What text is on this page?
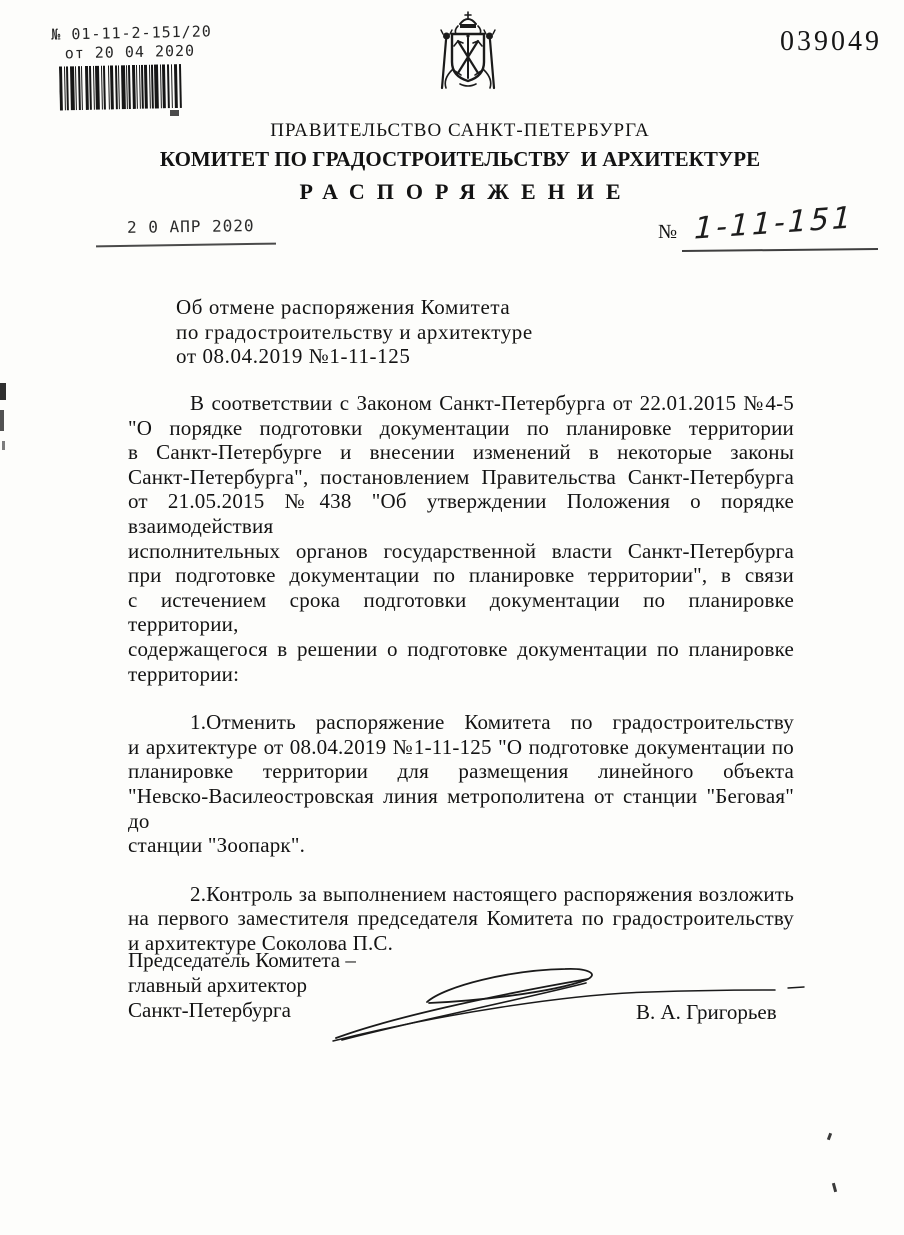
№ 01-11-2-151/20
от 20 04 2020	039049
ПРАВИТЕЛЬСТВО САНКТ-ПЕТЕРБУРГА
КОМИТЕТ ПО ГРАДОСТРОИТЕЛЬСТВУ  И АРХИТЕКТУРЕ
РАСПОРЯЖЕНИЕ
2 0 АПР 2020	№ 1-11-151
Об отмене распоряжения Комитета
по градостроительству и архитектуре
от 08.04.2019 №1-11-125
В соответствии с Законом Санкт-Петербурга от 22.01.2015 №4-5
"О порядке подготовки документации по планировке территории
в Санкт-Петербурге и внесении изменений в некоторые законы
Санкт-Петербурга", постановлением Правительства Санкт-Петербурга
от 21.05.2015 №438 "Об утверждении Положения о порядке взаимодействия
исполнительных органов государственной власти Санкт-Петербурга
при подготовке документации по планировке территории", в связи
с истечением срока подготовки документации по планировке территории,
содержащегося в решении о подготовке документации по планировке
территории:
1.Отменить распоряжение Комитета по градостроительству
и архитектуре от 08.04.2019 №1-11-125 "О подготовке документации по
планировке территории для размещения линейного объекта
"Невско-Василеостровская линия метрополитена от станции "Беговая" до
станции "Зоопарк".
2.Контроль за выполнением настоящего распоряжения возложить
на первого заместителя председателя Комитета по градостроительству
и архитектуре Соколова П.С.
Председатель Комитета –
главный архитектор
Санкт-Петербурга	В. А. Григорьев
